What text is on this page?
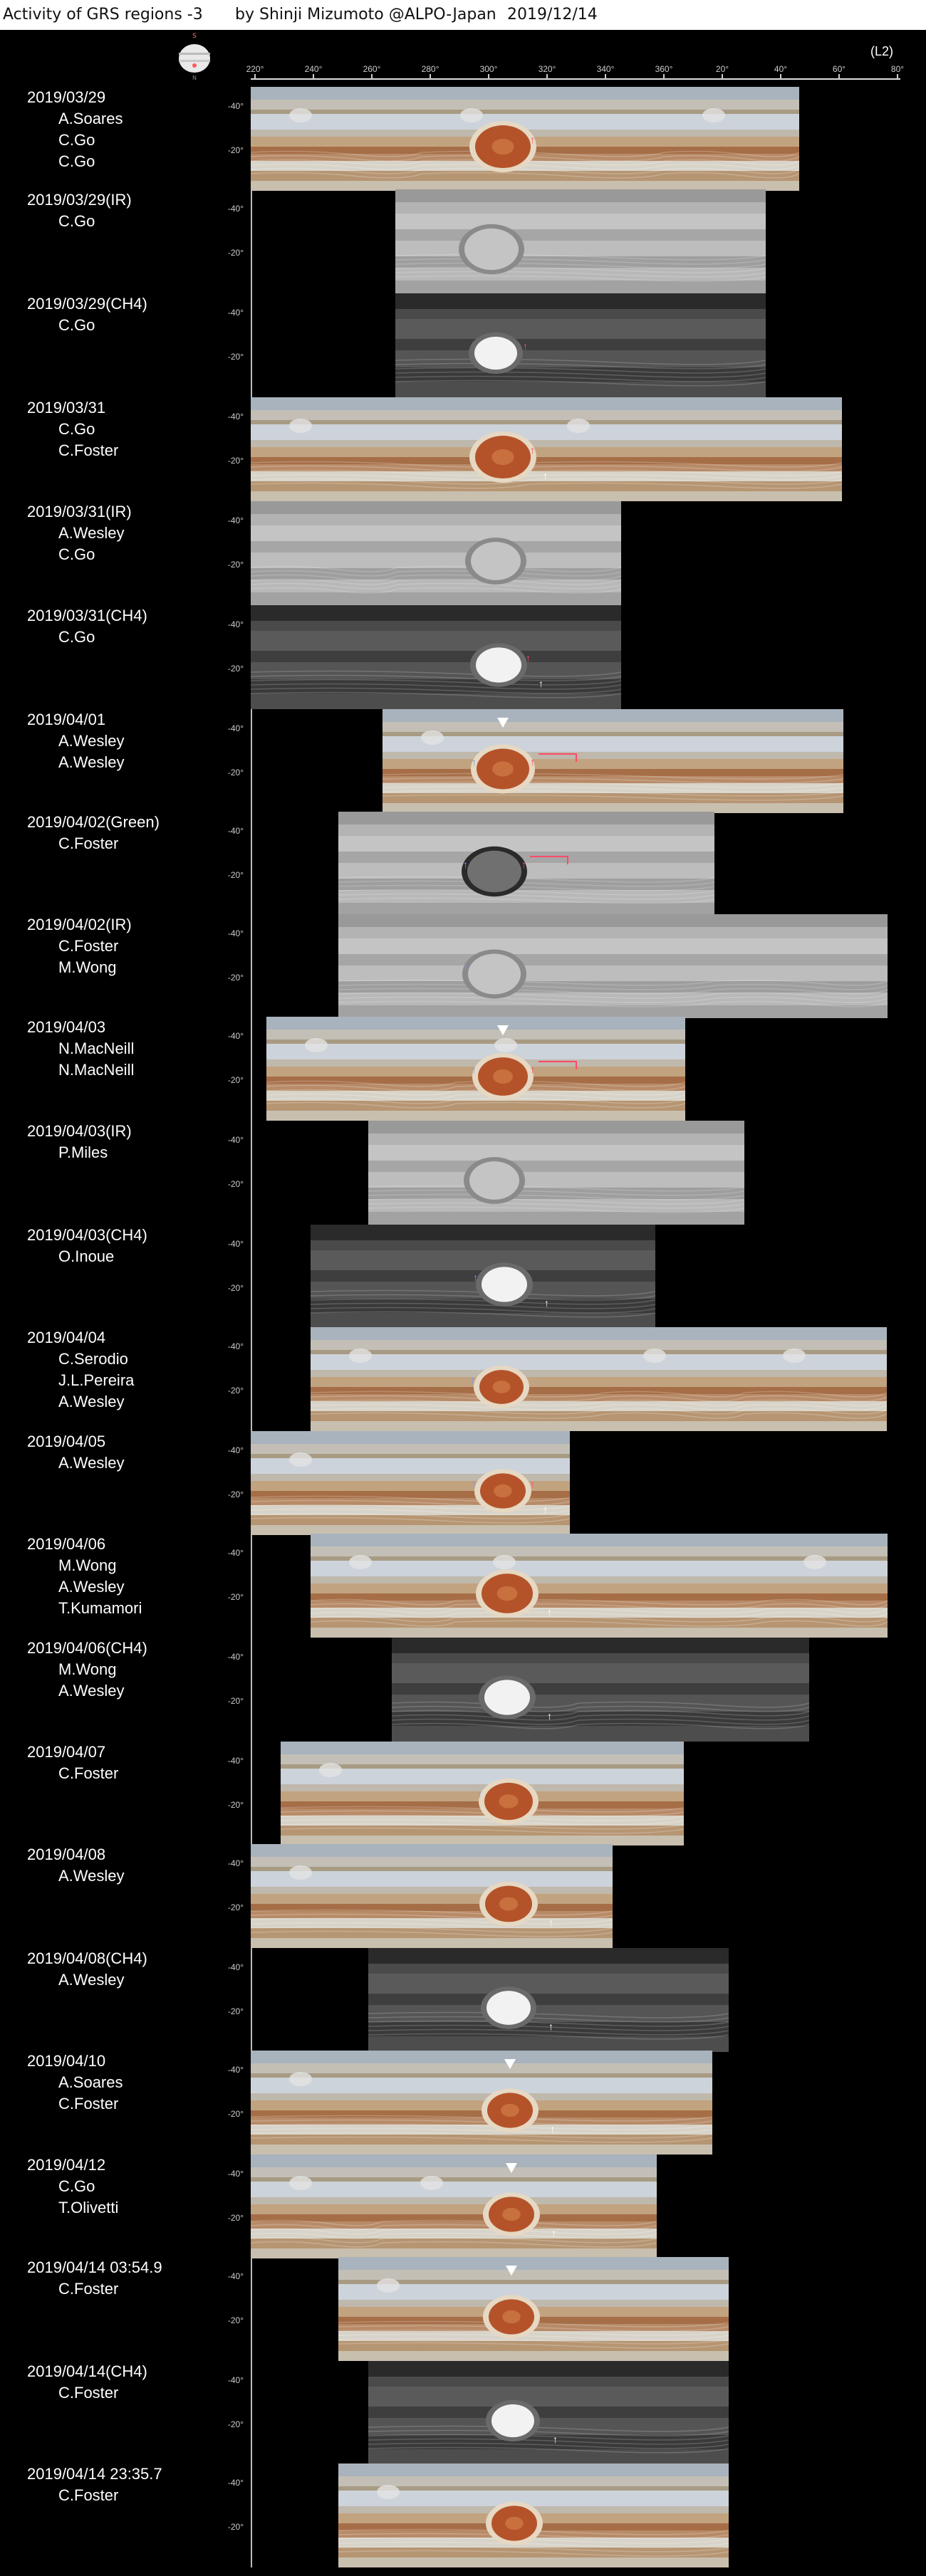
Activity of GRS regions -3 by Shinji Mizumoto @ALPO-Japan 2019/12/14
S
N
(L2)
220°	240°	260°	280°	300°	320°	340°	360°	20°	40°	60°	80°
2019/03/29
A.Soares
C.Go
C.Go
-40°
-20°
↑
2019/03/29(IR)
C.Go
-40°
-20°
2019/03/29(CH4)
C.Go
-40°
-20°
↑
2019/03/31
C.Go
C.Foster
-40°
-20°
↑
↑
2019/03/31(IR)
A.Wesley
C.Go
-40°
-20°
2019/03/31(CH4)
C.Go
-40°
-20°
↑
↑
2019/04/01
A.Wesley
A.Wesley
-40°
-20°
↑	↑
2019/04/02(Green)
C.Foster
-40°
-20°
↑	↑
2019/04/02(IR)
C.Foster
M.Wong
-40°
-20°
↑
2019/04/03
N.MacNeill
N.MacNeill
-40°
-20°
↑	↑
2019/04/03(IR)
P.Miles
-40°
-20°
2019/04/03(CH4)
O.Inoue
-40°
-20°
↑
↑
2019/04/04
C.Serodio
J.L.Pereira
A.Wesley
-40°
-20°
↑
2019/04/05
A.Wesley
-40°
-20°
↑	↑
↑
2019/04/06
M.Wong
A.Wesley
T.Kumamori
-40°
-20°
↑
2019/04/06(CH4)
M.Wong
A.Wesley
-40°
-20°
↑
2019/04/07
C.Foster
-40°
-20°
↑
2019/04/08
A.Wesley
-40°
-20°
↑
2019/04/08(CH4)
A.Wesley
-40°
-20°
↑
2019/04/10
A.Soares
C.Foster
-40°
-20°
↑
2019/04/12
C.Go
T.Olivetti
-40°
-20°
↑
2019/04/14 03:54.9
C.Foster
-40°
-20°
2019/04/14(CH4)
C.Foster
-40°
-20°
↑
2019/04/14 23:35.7
C.Foster
-40°
-20°
